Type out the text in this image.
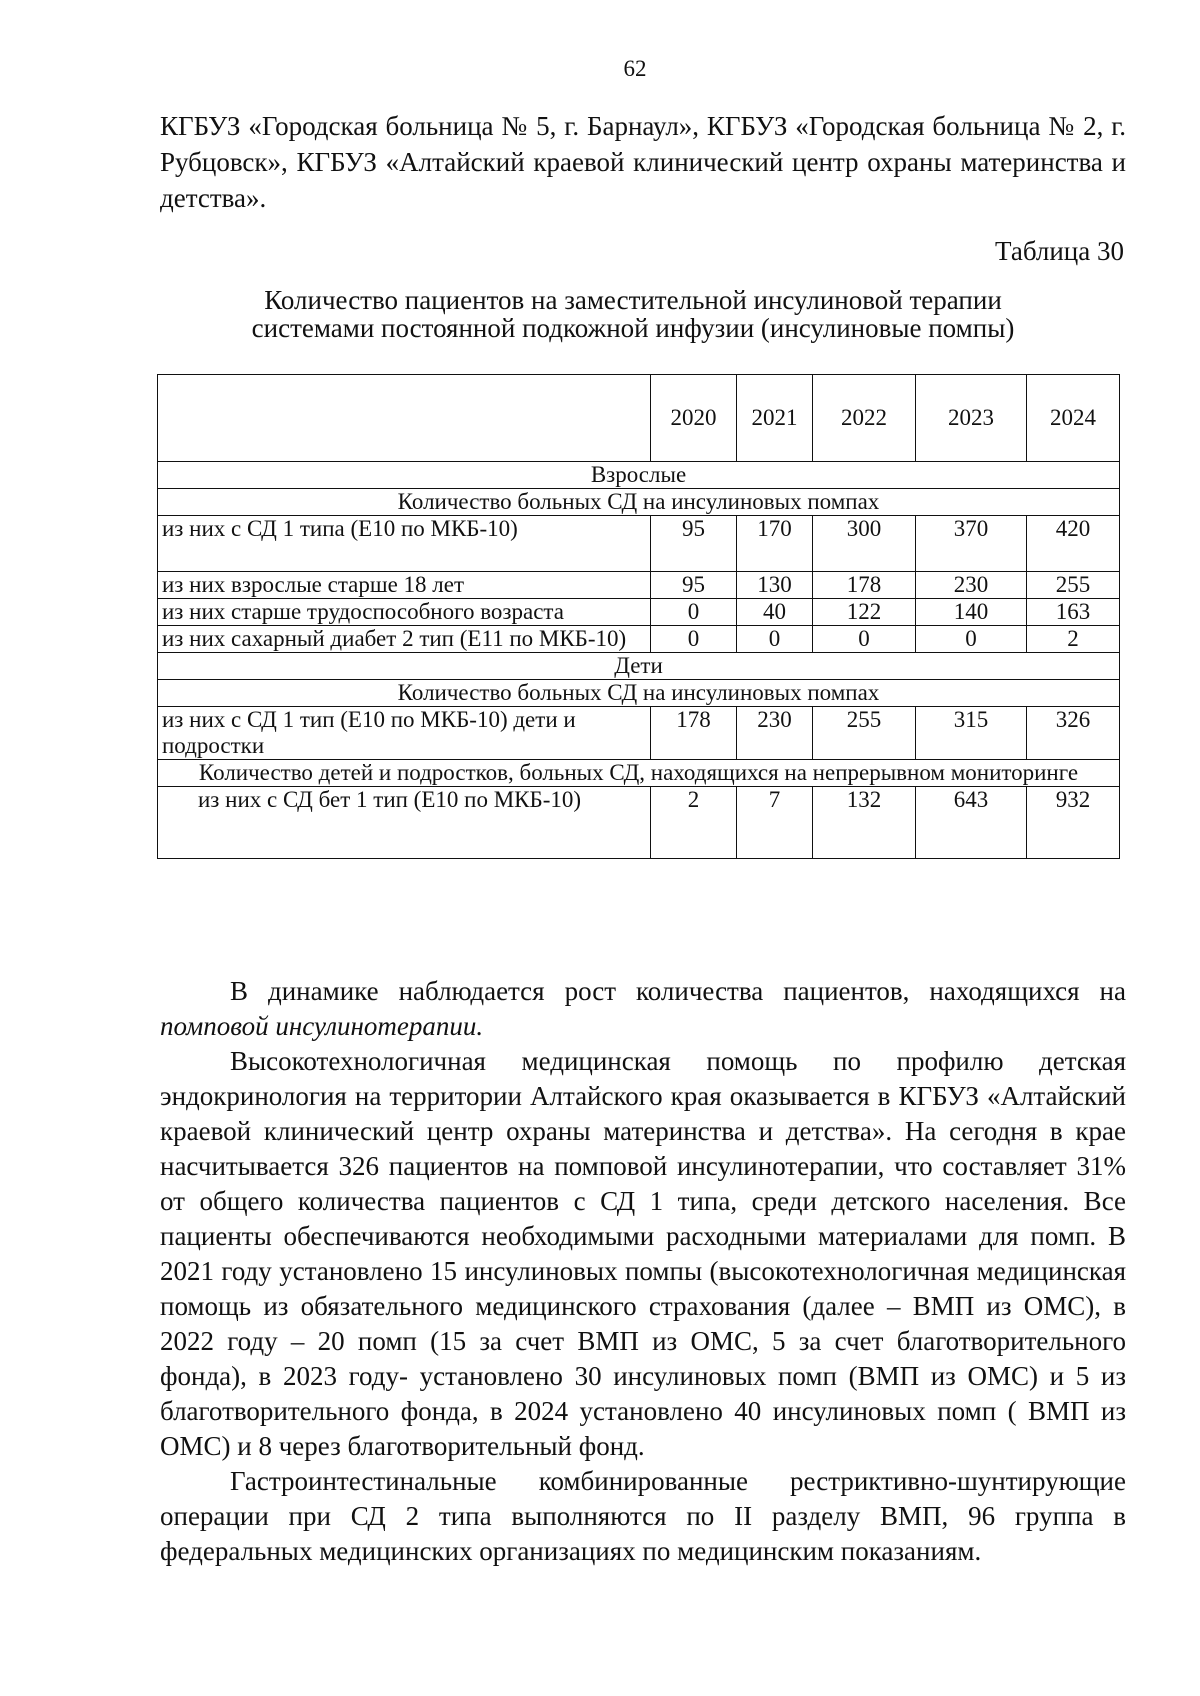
62

КГБУЗ «Городская больница № 5, г. Барнаул», КГБУЗ «Городская больница № 2, г. Рубцовск», КГБУЗ «Алтайский краевой клинический центр охраны материнства и детства».

Таблица 30
Количество пациентов на заместительной инсулиновой терапии
системами постоянной подкожной инфузии (инсулиновые помпы)
	2020	2021	2022	2023	2024
Взрослые					
Количество больных СД на инсулиновых помпах					
из них с СД 1 типа (Е10 по МКБ-10)	95	170	300	370	420
из них взрослые старше 18 лет	95	130	178	230	255
из них старше трудоспособного возраста	0	40	122	140	163
из них сахарный диабет 2 тип (Е11 по МКБ-10)	0	0	0	0	2
Дети					
Количество больных СД на инсулиновых помпах					
из них с СД 1 тип (Е10 по МКБ-10) дети и подростки	178	230	255	315	326
Количество детей и подростков, больных СД, находящихся на непрерывном мониторинге					
из них с СД бет 1 тип (Е10 по МКБ-10)	2	7	132	643	932

В динамике наблюдается рост количества пациентов, находящихся на помповой инсулинотерапии.

Высокотехнологичная медицинская помощь по профилю детская эндокринология на территории Алтайского края оказывается в КГБУЗ «Алтайский краевой клинический центр охраны материнства и детства». На сегодня в крае насчитывается 326 пациентов на помповой инсулинотерапии, что составляет 31% от общего количества пациентов с СД 1 типа, среди детского населения. Все пациенты обеспечиваются необходимыми расходными материалами для помп. В 2021 году установлено 15 инсулиновых помпы (высокотехнологичная медицинская помощь из обязательного медицинского страхования (далее – ВМП из ОМС), в 2022 году – 20 помп (15 за счет ВМП из ОМС, 5 за счет благотворительного фонда), в 2023 году- установлено 30 инсулиновых помп (ВМП из ОМС) и 5 из благотворительного фонда, в 2024 установлено 40 инсулиновых помп ( ВМП из ОМС) и 8 через благотворительный фонд.

Гастроинтестинальные комбинированные рестриктивно-шунтирующие операции при СД 2 типа выполняются по II разделу ВМП, 96 группа в федеральных медицинских организациях по медицинским показаниям.
